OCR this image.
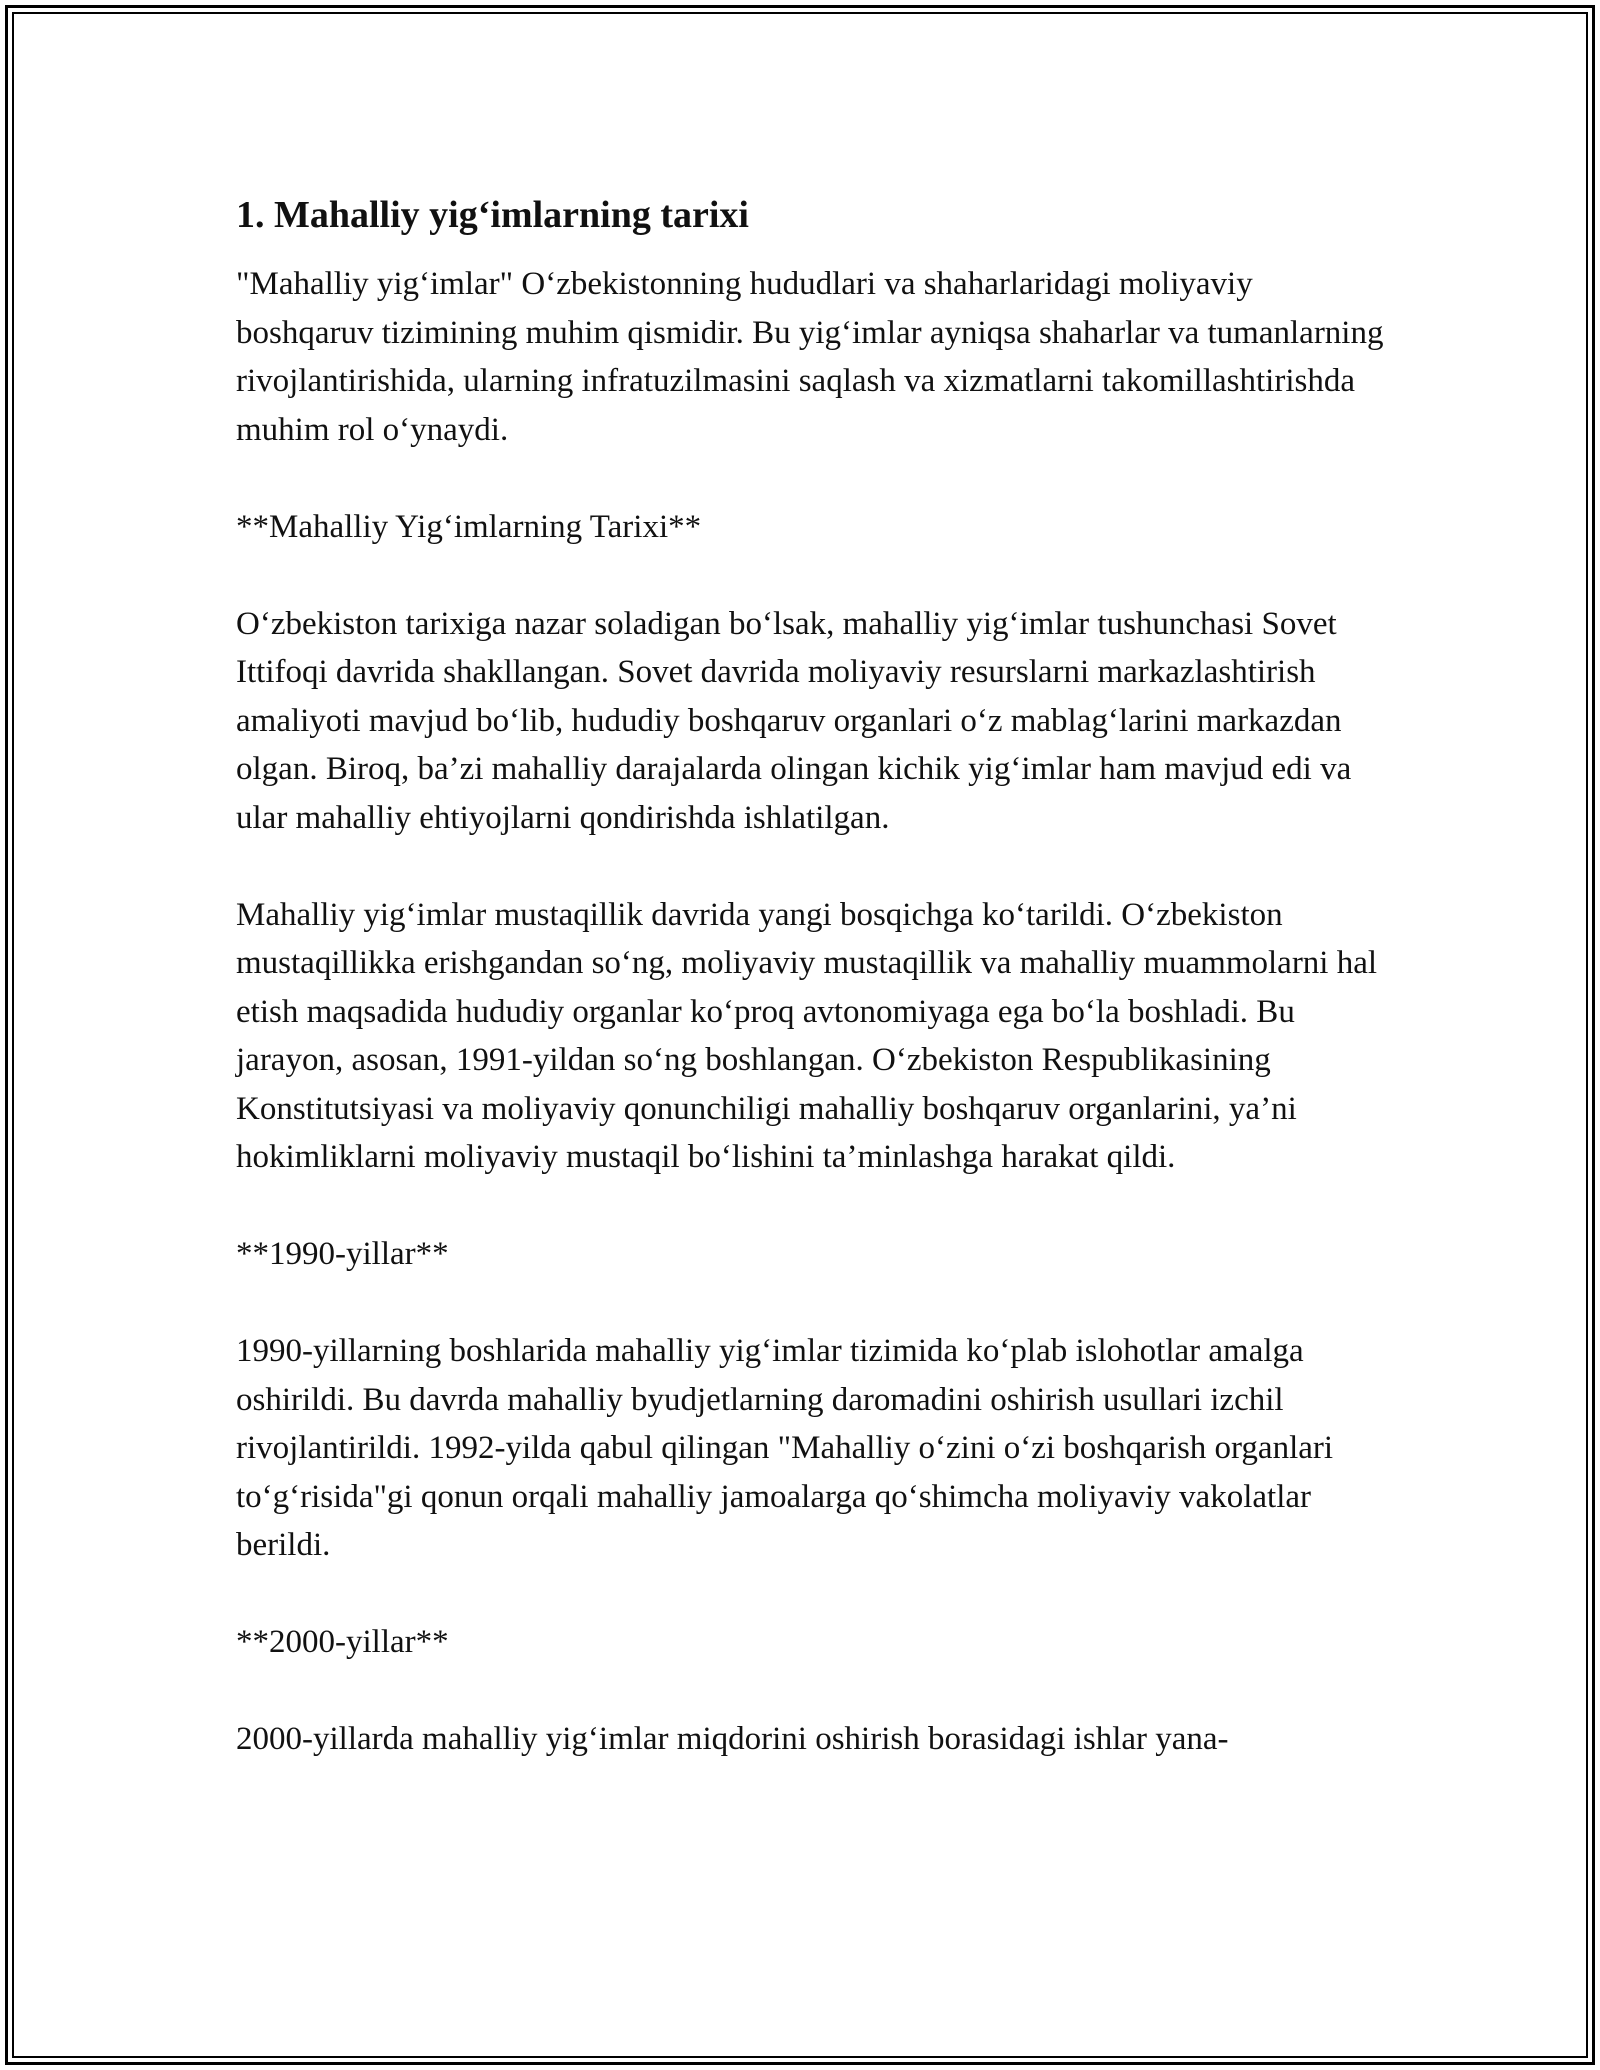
1. Mahalliy yig‘imlarning tarixi

"Mahalliy yig‘imlar" O‘zbekistonning hududlari va shaharlaridagi moliyaviy boshqaruv tizimining muhim qismidir. Bu yig‘imlar ayniqsa shaharlar va tumanlarning rivojlantirishida, ularning infratuzilmasini saqlash va xizmatlarni takomillashtirishda muhim rol o‘ynaydi.

**Mahalliy Yig‘imlarning Tarixi**

O‘zbekiston tarixiga nazar soladigan bo‘lsak, mahalliy yig‘imlar tushunchasi Sovet Ittifoqi davrida shakllangan. Sovet davrida moliyaviy resurslarni markazlashtirish amaliyoti mavjud bo‘lib, hududiy boshqaruv organlari o‘z mablag‘larini markazdan olgan. Biroq, ba’zi mahalliy darajalarda olingan kichik yig‘imlar ham mavjud edi va ular mahalliy ehtiyojlarni qondirishda ishlatilgan.

Mahalliy yig‘imlar mustaqillik davrida yangi bosqichga ko‘tarildi. O‘zbekiston mustaqillikka erishgandan so‘ng, moliyaviy mustaqillik va mahalliy muammolarni hal etish maqsadida hududiy organlar ko‘proq avtonomiyaga ega bo‘la boshladi. Bu jarayon, asosan, 1991-yildan so‘ng boshlangan. O‘zbekiston Respublikasining Konstitutsiyasi va moliyaviy qonunchiligi mahalliy boshqaruv organlarini, ya’ni hokimliklarni moliyaviy mustaqil bo‘lishini ta’minlashga harakat qildi.

**1990-yillar**

1990-yillarning boshlarida mahalliy yig‘imlar tizimida ko‘plab islohotlar amalga oshirildi. Bu davrda mahalliy byudjetlarning daromadini oshirish usullari izchil rivojlantirildi. 1992-yilda qabul qilingan "Mahalliy o‘zini o‘zi boshqarish organlari to‘g‘risida"gi qonun orqali mahalliy jamoalarga qo‘shimcha moliyaviy vakolatlar berildi.

**2000-yillar**

2000-yillarda mahalliy yig‘imlar miqdorini oshirish borasidagi ishlar yana-
